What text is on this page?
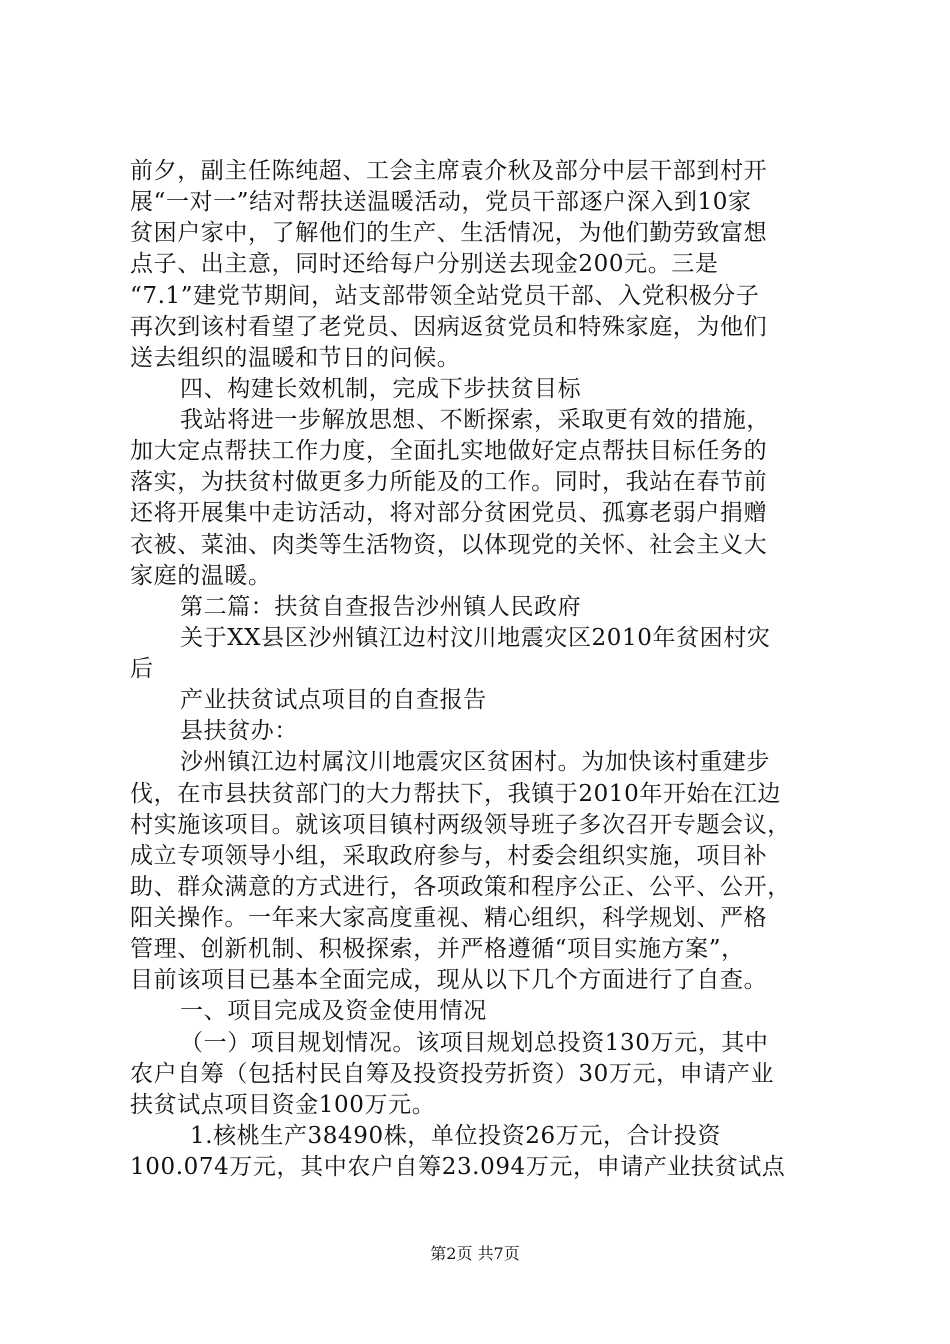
前夕，副主任陈纯超、工会主席袁介秋及部分中层干部到村开
展“一对一”结对帮扶送温暖活动，党员干部逐户深入到10家
贫困户家中，了解他们的生产、生活情况，为他们勤劳致富想
点子、出主意，同时还给每户分别送去现金200元。三是
“7.1”建党节期间，站支部带领全站党员干部、入党积极分子
再次到该村看望了老党员、因病返贫党员和特殊家庭，为他们
送去组织的温暖和节日的问候。
四、构建长效机制，完成下步扶贫目标
我站将进一步解放思想、不断探索，采取更有效的措施，
加大定点帮扶工作力度，全面扎实地做好定点帮扶目标任务的
落实，为扶贫村做更多力所能及的工作。同时，我站在春节前
还将开展集中走访活动，将对部分贫困党员、孤寡老弱户捐赠
衣被、菜油、肉类等生活物资，以体现党的关怀、社会主义大
家庭的温暖。
第二篇：扶贫自查报告沙州镇人民政府
关于XX县区沙州镇江边村汶川地震灾区2010年贫困村灾
后
产业扶贫试点项目的自查报告
县扶贫办：
沙州镇江边村属汶川地震灾区贫困村。为加快该村重建步
伐，在市县扶贫部门的大力帮扶下，我镇于2010年开始在江边
村实施该项目。就该项目镇村两级领导班子多次召开专题会议，
成立专项领导小组，采取政府参与，村委会组织实施，项目补
助、群众满意的方式进行，各项政策和程序公正、公平、公开，
阳关操作。一年来大家高度重视、精心组织，科学规划、严格
管理、创新机制、积极探索，并严格遵循“项目实施方案”，
目前该项目已基本全面完成，现从以下几个方面进行了自查。
一、项目完成及资金使用情况
（一）项目规划情况。该项目规划总投资130万元，其中
农户自筹（包括村民自筹及投资投劳折资）30万元，申请产业
扶贫试点项目资金100万元。
1.核桃生产38490株，单位投资26万元，合计投资
100.074万元，其中农户自筹23.094万元，申请产业扶贫试点
第2页 共7页
